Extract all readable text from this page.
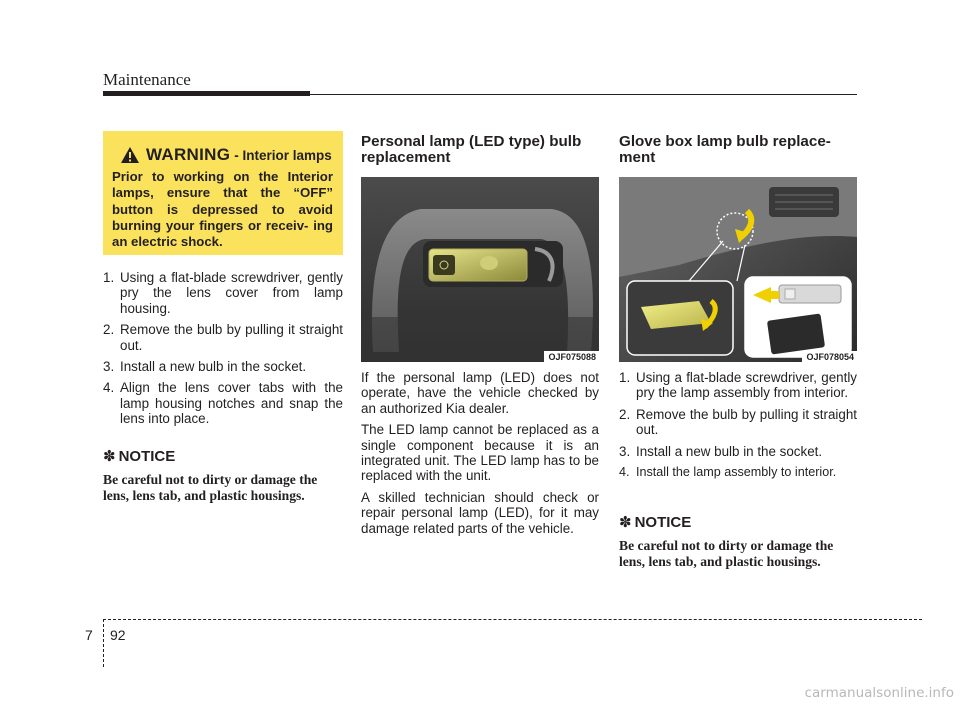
Maintenance
WARNING - Interior lamps
Prior to working on the Interior lamps, ensure that the “OFF” button is depressed to avoid burning your fingers or receiv- ing an electric shock.
1. Using a flat-blade screwdriver, gently pry the lens cover from lamp housing.
2. Remove the bulb by pulling it straight out.
3. Install a new bulb in the socket.
4. Align the lens cover tabs with the lamp housing notches and snap the lens into place.
✽ NOTICE
Be careful not to dirty or damage the lens, lens tab, and plastic housings.
Personal lamp (LED type) bulb replacement
OJF075088

If the personal lamp (LED) does not operate, have the vehicle checked by an authorized Kia dealer.

The LED lamp cannot be replaced as a single component because it is an integrated unit. The LED lamp has to be replaced with the unit.

A skilled technician should check or repair personal lamp (LED), for it may damage related parts of the vehicle.

Glove box lamp bulb replace- ment
OJF078054
1. Using a flat-blade screwdriver, gently pry the lamp assembly from interior.
2. Remove the bulb by pulling it straight out.
3. Install a new bulb in the socket.
4. Install the lamp assembly to interior.
✽ NOTICE
Be careful not to dirty or damage the lens, lens tab, and plastic housings.
7 92
carmanualsonline.info
